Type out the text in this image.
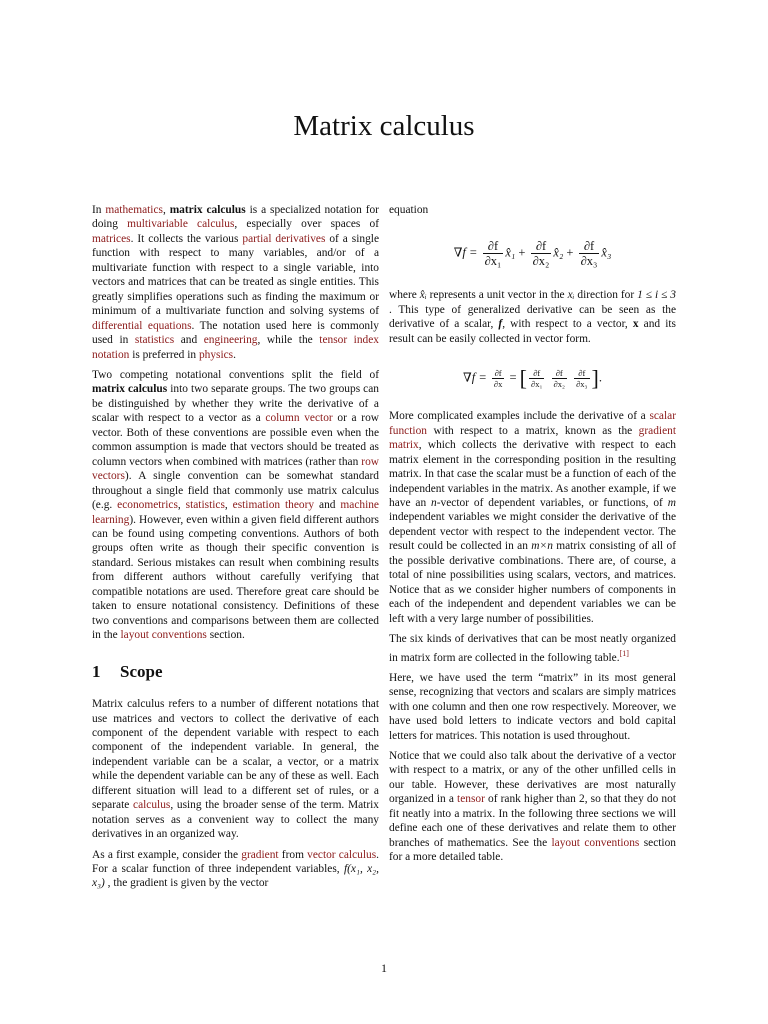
Matrix calculus

In mathematics, matrix calculus is a specialized notation for doing multivariable calculus, especially over spaces of matrices. It collects the various partial derivatives of a single function with respect to many variables, and/or of a multivariate function with respect to a single variable, into vectors and matrices that can be treated as single entities. This greatly simplifies operations such as finding the maximum or minimum of a multivariate function and solving systems of differential equations. The notation used here is commonly used in statistics and engineering, while the tensor index notation is preferred in physics.

Two competing notational conventions split the field of matrix calculus into two separate groups. The two groups can be distinguished by whether they write the derivative of a scalar with respect to a vector as a column vector or a row vector. Both of these conventions are possible even when the common assumption is made that vectors should be treated as column vectors when combined with matrices (rather than row vectors). A single convention can be somewhat standard throughout a single field that commonly use matrix calculus (e.g. econometrics, statistics, estimation theory and machine learning). However, even within a given field different authors can be found using competing conventions. Authors of both groups often write as though their specific convention is standard. Serious mistakes can result when combining results from different authors without carefully verifying that compatible notations are used. Therefore great care should be taken to ensure notational consistency. Definitions of these two conventions and comparisons between them are collected in the layout conventions section.

1 Scope

Matrix calculus refers to a number of different notations that use matrices and vectors to collect the derivative of each component of the dependent variable with respect to each component of the independent variable. In general, the independent variable can be a scalar, a vector, or a matrix while the dependent variable can be any of these as well. Each different situation will lead to a different set of rules, or a separate calculus, using the broader sense of the term. Matrix notation serves as a convenient way to collect the many derivatives in an organized way.

As a first example, consider the gradient from vector calculus. For a scalar function of three independent variables, f(x₁, x₂, x₃) , the gradient is given by the vector

equation

$\nabla f = \frac{\partial f}{\text{∂x₁}}$ x̂₁ + $\frac{\partial f}{\text{∂x₂}}$ x̂₂ + $\frac{\partial f}{\text{∂x₃}}$ x̂₃

where x̂ᵢ represents a unit vector in the xᵢ direction for 1 ≤ i ≤ 3 . This type of generalized derivative can be seen as the derivative of a scalar, f, with respect to a vector, x and its result can be easily collected in vector form.

$\nabla f = \frac{\partial f}{\partial x}$ = [ $\frac{\partial f}{\text{∂x₁}}$
$\frac{\partial f}{\text{∂x₂}}$
$\frac{\partial f}{\text{∂x₃}}$ ].

More complicated examples include the derivative of a scalar function with respect to a matrix, known as the gradient matrix, which collects the derivative with respect to each matrix element in the corresponding position in the resulting matrix. In that case the scalar must be a function of each of the independent variables in the matrix. As another example, if we have an n-vector of dependent variables, or functions, of m independent variables we might consider the derivative of the dependent vector with respect to the independent vector. The result could be collected in an m×n matrix consisting of all of the possible derivative combinations. There are, of course, a total of nine possibilities using scalars, vectors, and matrices. Notice that as we consider higher numbers of components in each of the independent and dependent variables we can be left with a very large number of possibilities.

The six kinds of derivatives that can be most neatly organized in matrix form are collected in the following table.[1]

Here, we have used the term “matrix” in its most general sense, recognizing that vectors and scalars are simply matrices with one column and then one row respectively. Moreover, we have used bold letters to indicate vectors and bold capital letters for matrices. This notation is used throughout.

Notice that we could also talk about the derivative of a vector with respect to a matrix, or any of the other unfilled cells in our table. However, these derivatives are most naturally organized in a tensor of rank higher than 2, so that they do not fit neatly into a matrix. In the following three sections we will define each one of these derivatives and relate them to other branches of mathematics. See the layout conventions section for a more detailed table.

1
